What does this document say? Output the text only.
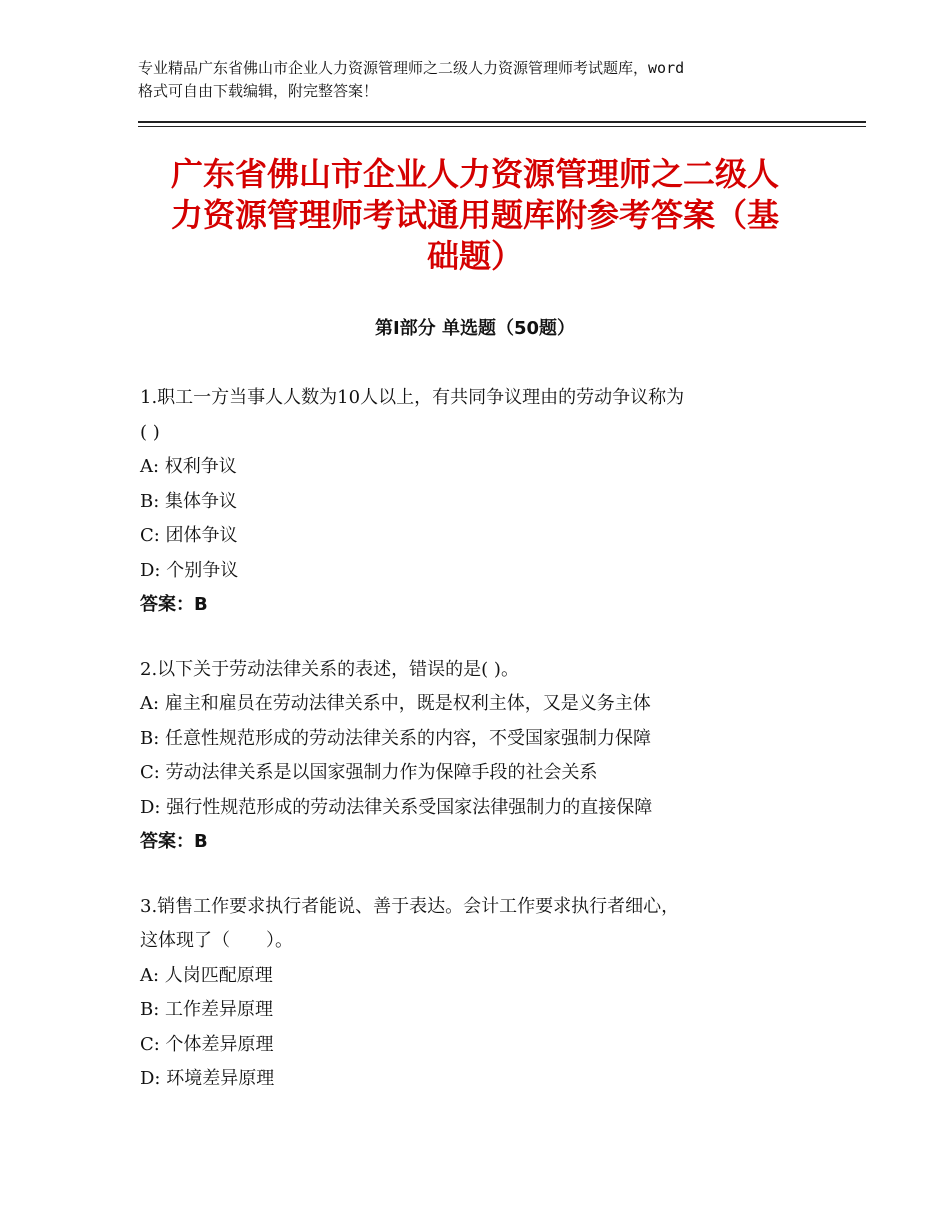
专业精品广东省佛山市企业人力资源管理师之二级人力资源管理师考试题库，word
格式可自由下载编辑，附完整答案！
广东省佛山市企业人力资源管理师之二级人
力资源管理师考试通用题库附参考答案（基
础题）
第Ⅰ部分 单选题（50题）
1.职工一方当事人人数为10人以上，有共同争议理由的劳动争议称为
( )
A: 权利争议
B: 集体争议
C: 团体争议
D: 个别争议
答案：B
2.以下关于劳动法律关系的表述，错误的是( )。
A: 雇主和雇员在劳动法律关系中，既是权利主体，又是义务主体
B: 任意性规范形成的劳动法律关系的内容，不受国家强制力保障
C: 劳动法律关系是以国家强制力作为保障手段的社会关系
D: 强行性规范形成的劳动法律关系受国家法律强制力的直接保障
答案：B
3.销售工作要求执行者能说、善于表达。会计工作要求执行者细心，
这体现了（　　）。
A: 人岗匹配原理
B: 工作差异原理
C: 个体差异原理
D: 环境差异原理
